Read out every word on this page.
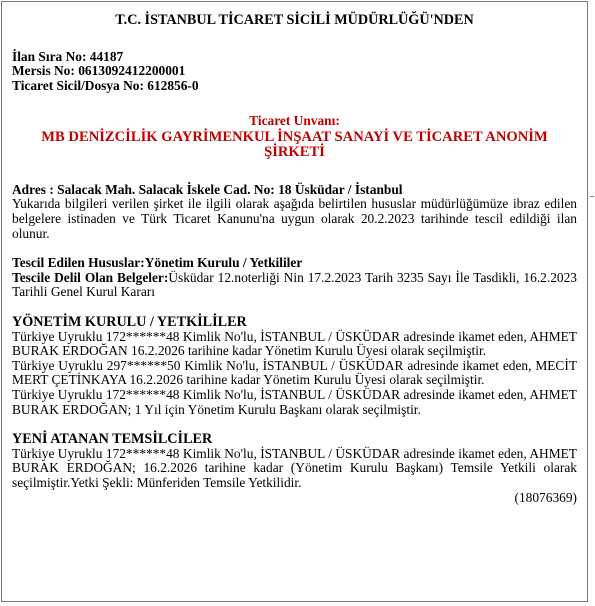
T.C. İSTANBUL TİCARET SİCİLİ MÜDÜRLÜĞÜ'NDEN
İlan Sıra No: 44187
Mersis No: 0613092412200001
Ticaret Sicil/Dosya No: 612856-0
Ticaret Unvanı:
MB DENİZCİLİK GAYRİMENKUL İNŞAAT SANAYİ VE TİCARET ANONİM ŞİRKETİ
Adres : Salacak Mah. Salacak İskele Cad. No: 18 Üsküdar / İstanbul
Yukarıda bilgileri verilen şirket ile ilgili olarak aşağıda belirtilen hususlar müdürlüğümüze ibraz edilen belgelere istinaden ve Türk Ticaret Kanunu'na uygun olarak 20.2.2023 tarihinde tescil edildiği ilan olunur.
Tescil Edilen Hususlar:Yönetim Kurulu / Yetkililer
Tescile Delil Olan Belgeler:Üsküdar 12.noterliği Nin 17.2.2023 Tarih 3235 Sayı İle Tasdikli, 16.2.2023 Tarihli Genel Kurul Kararı
YÖNETİM KURULU / YETKİLİLER
Türkiye Uyruklu 172******48 Kimlik No'lu, İSTANBUL / ÜSKÜDAR adresinde ikamet eden, AHMET BURAK ERDOĞAN 16.2.2026 tarihine kadar Yönetim Kurulu Üyesi olarak seçilmiştir.
Türkiye Uyruklu 297******50 Kimlik No'lu, İSTANBUL / ÜSKÜDAR adresinde ikamet eden, MECİT MERT ÇETİNKAYA 16.2.2026 tarihine kadar Yönetim Kurulu Üyesi olarak seçilmiştir.
Türkiye Uyruklu 172******48 Kimlik No'lu, İSTANBUL / ÜSKÜDAR adresinde ikamet eden, AHMET BURAK ERDOĞAN; 1 Yıl için Yönetim Kurulu Başkanı olarak seçilmiştir.
YENİ ATANAN TEMSİLCİLER
Türkiye Uyruklu 172******48 Kimlik No'lu, İSTANBUL / ÜSKÜDAR adresinde ikamet eden, AHMET BURAK ERDOĞAN; 16.2.2026 tarihine kadar (Yönetim Kurulu Başkanı) Temsile Yetkili olarak seçilmiştir.Yetki Şekli: Münferiden Temsile Yetkilidir.
(18076369)
